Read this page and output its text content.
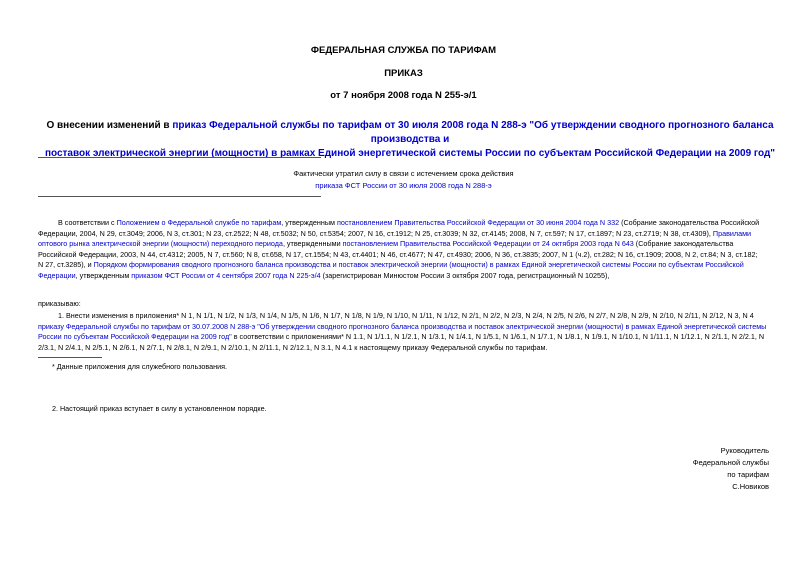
ФЕДЕРАЛЬНАЯ СЛУЖБА ПО ТАРИФАМ
ПРИКАЗ
от 7 ноября 2008 года N 255-э/1
О внесении изменений в приказ Федеральной службы по тарифам от 30 июля 2008 года N 288-э "Об утверждении сводного прогнозного баланса производства и
поставок электрической энергии (мощности) в рамках Единой энергетической системы России по субъектам Российской Федерации на 2009 год"
Фактически утратил силу в связи с истечением срока действия
приказа ФСТ России от 30 июля 2008 года N 288-э
В соответствии с Положением о Федеральной службе по тарифам, утвержденным постановлением Правительства Российской Федерации от 30 июня 2004 года N 332 (Собрание законодательства Российской
Федерации, 2004, N 29, ст.3049; 2006, N 3, ст.301; N 23, ст.2522; N 48, ст.5032; N 50, ст.5354; 2007, N 16, ст.1912; N 25, ст.3039; N 32, ст.4145; 2008, N 7, ст.597; N 17, ст.1897; N 23, ст.2719; N 38, ст.4309), Правилами
оптового рынка электрической энергии (мощности) переходного периода, утвержденными постановлением Правительства Российской Федерации от 24 октября 2003 года N 643 (Собрание законодательства
Российской Федерации, 2003, N 44, ст.4312; 2005, N 7, ст.560; N 8, ст.658, N 17, ст.1554; N 43, ст.4401; N 46, ст.4677; N 47, ст.4930; 2006, N 36, ст.3835; 2007, N 1 (ч.2), ст.282; N 16, ст.1909; 2008, N 2, ст.84; N 3, ст.182;
N 27, ст.3285), и Порядком формирования сводного прогнозного баланса производства и поставок электрической энергии (мощности) в рамках Единой энергетической системы России по субъектам Российской
Федерации, утвержденным приказом ФСТ России от 4 сентября 2007 года N 225-э/4 (зарегистрирован Минюстом России 3 октября 2007 года, регистрационный N 10255),
приказываю:
1. Внести изменения в приложения* N 1, N 1/1, N 1/2, N 1/3, N 1/4, N 1/5, N 1/6, N 1/7, N 1/8, N 1/9, N 1/10, N 1/11, N 1/12, N 2/1, N 2/2, N 2/3, N 2/4, N 2/5, N 2/6, N 2/7, N 2/8, N 2/9, N 2/10, N 2/11, N 2/12, N 3, N 4
приказу Федеральной службы по тарифам от 30.07.2008 N 288-э "Об утверждении сводного прогнозного баланса производства и поставок электрической энергии (мощности) в рамках Единой энергетической системы
России по субъектам Российской Федерации на 2009 год" в соответствии с приложениями* N 1.1, N 1/1.1, N 1/2.1, N 1/3.1, N 1/4.1, N 1/5.1, N 1/6.1, N 1/7.1, N 1/8.1, N 1/9.1, N 1/10.1, N 1/11.1, N 1/12.1, N 2/1.1, N 2/2.1, N
2/3.1, N 2/4.1, N 2/5.1, N 2/6.1, N 2/7.1, N 2/8.1, N 2/9.1, N 2/10.1, N 2/11.1, N 2/12.1, N 3.1, N 4.1 к настоящему приказу Федеральной службы по тарифам.
* Данные приложения для служебного пользования.
2. Настоящий приказ вступает в силу в установленном порядке.
Руководитель
Федеральной службы
по тарифам
С.Новиков
